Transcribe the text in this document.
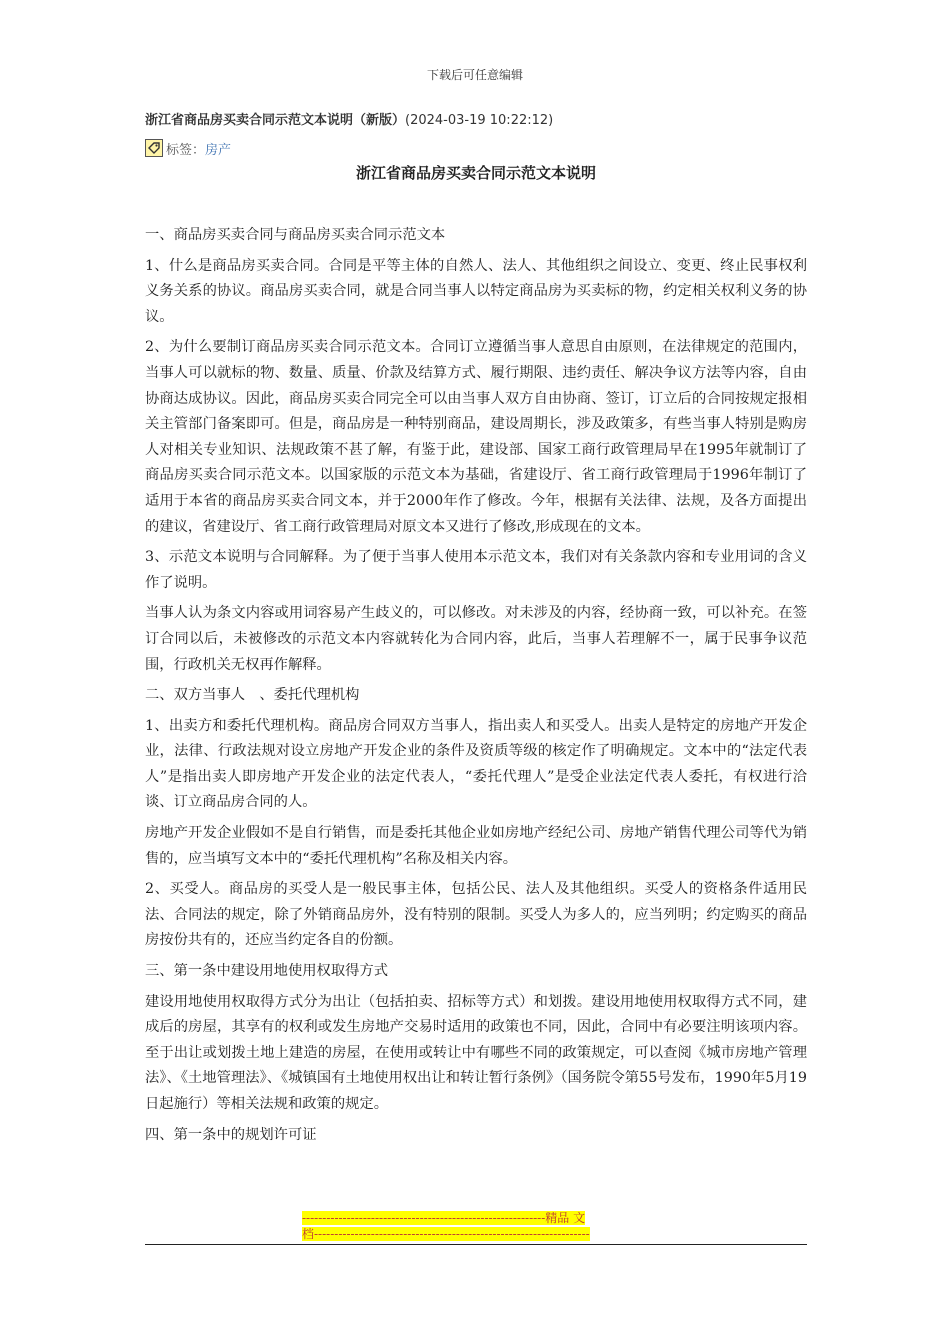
下载后可任意编辑
浙江省商品房买卖合同示范文本说明（新版）(2024-03-19 10:22:12)
标签： 房产
浙江省商品房买卖合同示范文本说明

一、商品房买卖合同与商品房买卖合同示范文本

1、什么是商品房买卖合同。合同是平等主体的自然人、法人、其他组织之间设立、变更、终止民事权利义务关系的协议。商品房买卖合同，就是合同当事人以特定商品房为买卖标的物，约定相关权利义务的协议。

2、为什么要制订商品房买卖合同示范文本。合同订立遵循当事人意思自由原则，在法律规定的范围内，当事人可以就标的物、数量、质量、价款及结算方式、履行期限、违约责任、解决争议方法等内容，自由协商达成协议。因此，商品房买卖合同完全可以由当事人双方自由协商、签订，订立后的合同按规定报相关主管部门备案即可。但是，商品房是一种特别商品，建设周期长，涉及政策多，有些当事人特别是购房人对相关专业知识、法规政策不甚了解，有鉴于此，建设部、国家工商行政管理局早在1995年就制订了商品房买卖合同示范文本。以国家版的示范文本为基础，省建设厅、省工商行政管理局于1996年制订了适用于本省的商品房买卖合同文本，并于2000年作了修改。今年，根据有关法律、法规，及各方面提出的建议，省建设厅、省工商行政管理局对原文本又进行了修改,形成现在的文本。

3、示范文本说明与合同解释。为了便于当事人使用本示范文本，我们对有关条款内容和专业用词的含义作了说明。

当事人认为条文内容或用词容易产生歧义的，可以修改。对未涉及的内容，经协商一致，可以补充。在签订合同以后，未被修改的示范文本内容就转化为合同内容，此后，当事人若理解不一，属于民事争议范围，行政机关无权再作解释。

二、双方当事人　、委托代理机构

1、出卖方和委托代理机构。商品房合同双方当事人，指出卖人和买受人。出卖人是特定的房地产开发企业，法律、行政法规对设立房地产开发企业的条件及资质等级的核定作了明确规定。文本中的“法定代表人”是指出卖人即房地产开发企业的法定代表人，“委托代理人”是受企业法定代表人委托，有权进行洽谈、订立商品房合同的人。

房地产开发企业假如不是自行销售，而是委托其他企业如房地产经纪公司、房地产销售代理公司等代为销售的，应当填写文本中的“委托代理机构”名称及相关内容。

2、买受人。商品房的买受人是一般民事主体，包括公民、法人及其他组织。买受人的资格条件适用民法、合同法的规定，除了外销商品房外，没有特别的限制。买受人为多人的，应当列明；约定购买的商品房按份共有的，还应当约定各自的份额。

三、第一条中建设用地使用权取得方式

建设用地使用权取得方式分为出让（包括拍卖、招标等方式）和划拨。建设用地使用权取得方式不同，建成后的房屋，其享有的权利或发生房地产交易时适用的政策也不同，因此，合同中有必要注明该项内容。至于出让或划拨土地上建造的房屋，在使用或转让中有哪些不同的政策规定，可以查阅《城市房地产管理法》、《土地管理法》、《城镇国有土地使用权出让和转让暂行条例》（国务院令第55号发布，1990年5月19日起施行）等相关法规和政策的规定。

四、第一条中的规划许可证

------------------------------------------------------------精品 文
档--------------------------------------------------------------------
